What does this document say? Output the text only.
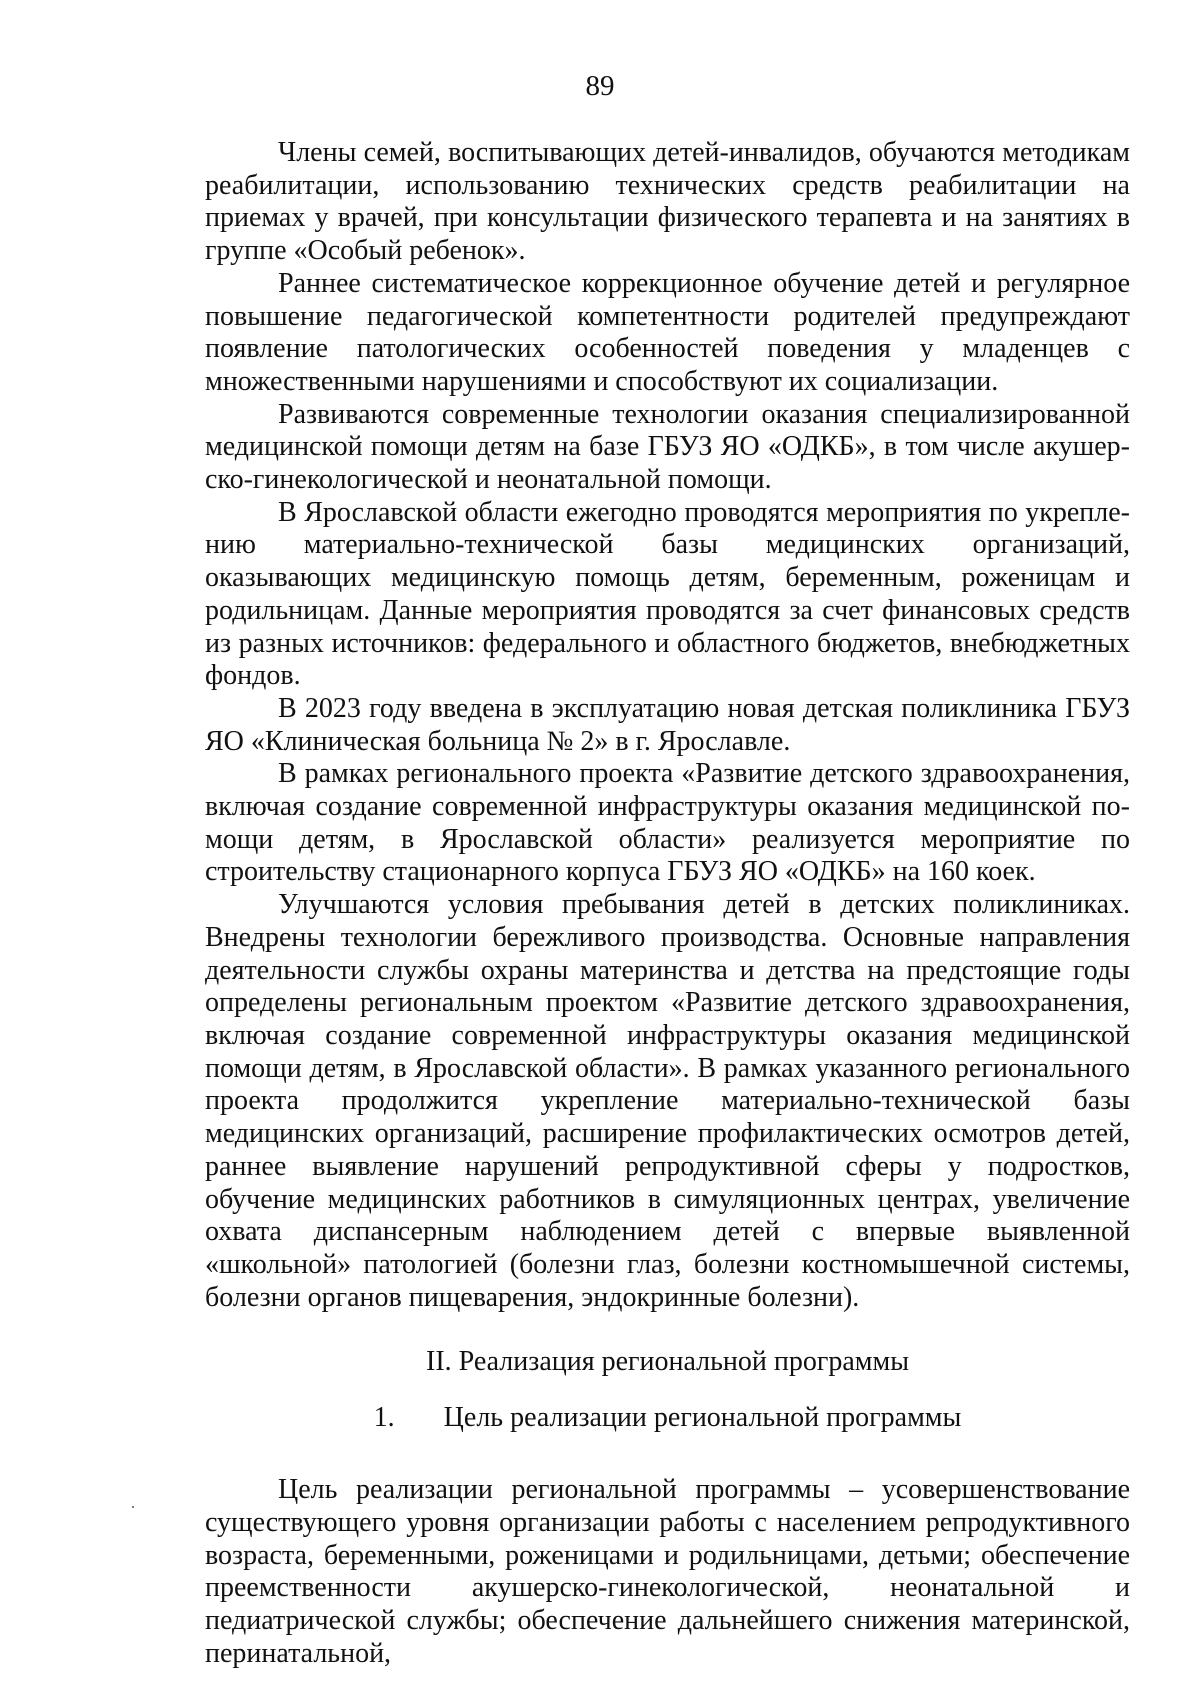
89

Члены семей, воспитывающих детей-инвалидов, обучаются методикам реабилитации, использованию технических средств реабилитации на приемах у врачей, при консультации физического терапевта и на занятиях в группе «Особый ребенок».

Раннее систематическое коррекционное обучение детей и регулярное повышение педагогической компетентности родителей предупреждают появление патологических особенностей поведения у младенцев с множественными нарушениями и способствуют их социализации.

Развиваются современные технологии оказания специализированной медицинской помощи детям на базе ГБУЗ ЯО «ОДКБ», в том числе акушерско-гинекологической и неонатальной помощи.

В Ярославской области ежегодно проводятся мероприятия по укреплению материально-технической базы медицинских организаций, оказывающих медицинскую помощь детям, беременным, роженицам и родильницам. Данные мероприятия проводятся за счет финансовых средств из разных источников: федерального и областного бюджетов, внебюджетных фондов.

В 2023 году введена в эксплуатацию новая детская поликлиника ГБУЗ ЯО «Клиническая больница № 2» в г. Ярославле.

В рамках регионального проекта «Развитие детского здравоохранения, включая создание современной инфраструктуры оказания медицинской помощи детям, в Ярославской области» реализуется мероприятие по строительству стационарного корпуса ГБУЗ ЯО «ОДКБ» на 160 коек.

Улучшаются условия пребывания детей в детских поликлиниках. Внедрены технологии бережливого производства. Основные направления деятельности службы охраны материнства и детства на предстоящие годы определены региональным проектом «Развитие детского здравоохранения, включая создание современной инфраструктуры оказания медицинской помощи детям, в Ярославской области». В рамках указанного регионального проекта продолжится укрепление материально-технической базы медицинских организаций, расширение профилактических осмотров детей, раннее выявление нарушений репродуктивной сферы у подростков, обучение медицинских работников в симуляционных центрах, увеличение охвата диспансерным наблюдением детей с впервые выявленной «школьной» патологией (болезни глаз, болезни костномышечной системы, болезни органов пищеварения, эндокринные болезни).

II. Реализация региональной программы

1. Цель реализации региональной программы

Цель реализации региональной программы – усовершенствование существующего уровня организации работы с населением репродуктивного возраста, беременными, роженицами и родильницами, детьми; обеспечение преемственности акушерско-гинекологической, неонатальной и педиатрической службы; обеспечение дальнейшего снижения материнской, перинатальной,
